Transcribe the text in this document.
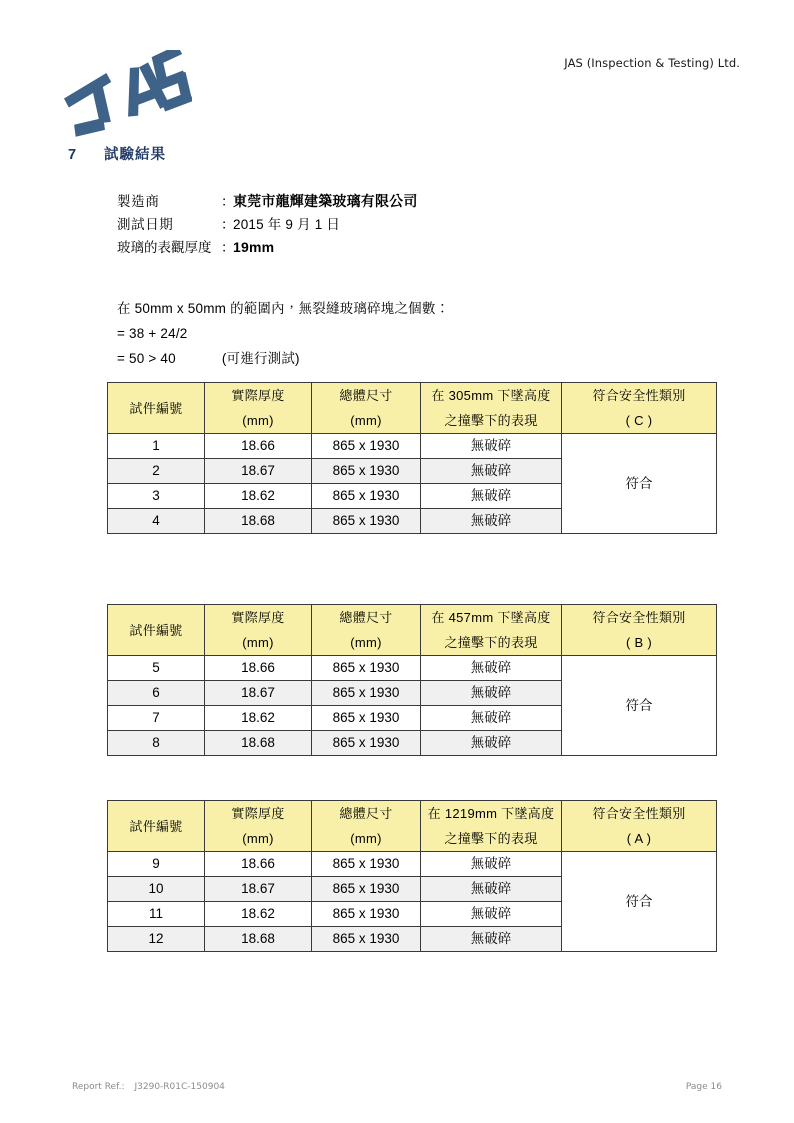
JAS (Inspection & Testing) Ltd.
7 試驗結果
製造商	：
東莞市龍輝建築玻璃有限公司
測試日期	：
2015 年 9 月 1 日
玻璃的表觀厚度 ：
19mm
在 50mm x 50mm 的範圍內，無裂縫玻璃碎塊之個數：
= 38 + 24/2
= 50 > 40	(可進行測試)
試件編號	實際厚度	總體尺寸	在 305mm 下墜高度	符合安全性類別
	(mm)	(mm)	之撞擊下的表現	( C )
1	18.66	865 x 1930	無破碎	符合
2	18.67	865 x 1930	無破碎	
3	18.62	865 x 1930	無破碎	
4	18.68	865 x 1930	無破碎	
試件編號	實際厚度	總體尺寸	在 457mm 下墜高度	符合安全性類別
	(mm)	(mm)	之撞擊下的表現	( B )
5	18.66	865 x 1930	無破碎	符合
6	18.67	865 x 1930	無破碎	
7	18.62	865 x 1930	無破碎	
8	18.68	865 x 1930	無破碎	
試件編號	實際厚度	總體尺寸	在 1219mm 下墜高度	符合安全性類別
	(mm)	(mm)	之撞擊下的表現	( A )
9	18.66	865 x 1930	無破碎	符合
10	18.67	865 x 1930	無破碎	
11	18.62	865 x 1930	無破碎	
12	18.68	865 x 1930	無破碎	
Report Ref.: J3290-R01C-150904	Page 16
